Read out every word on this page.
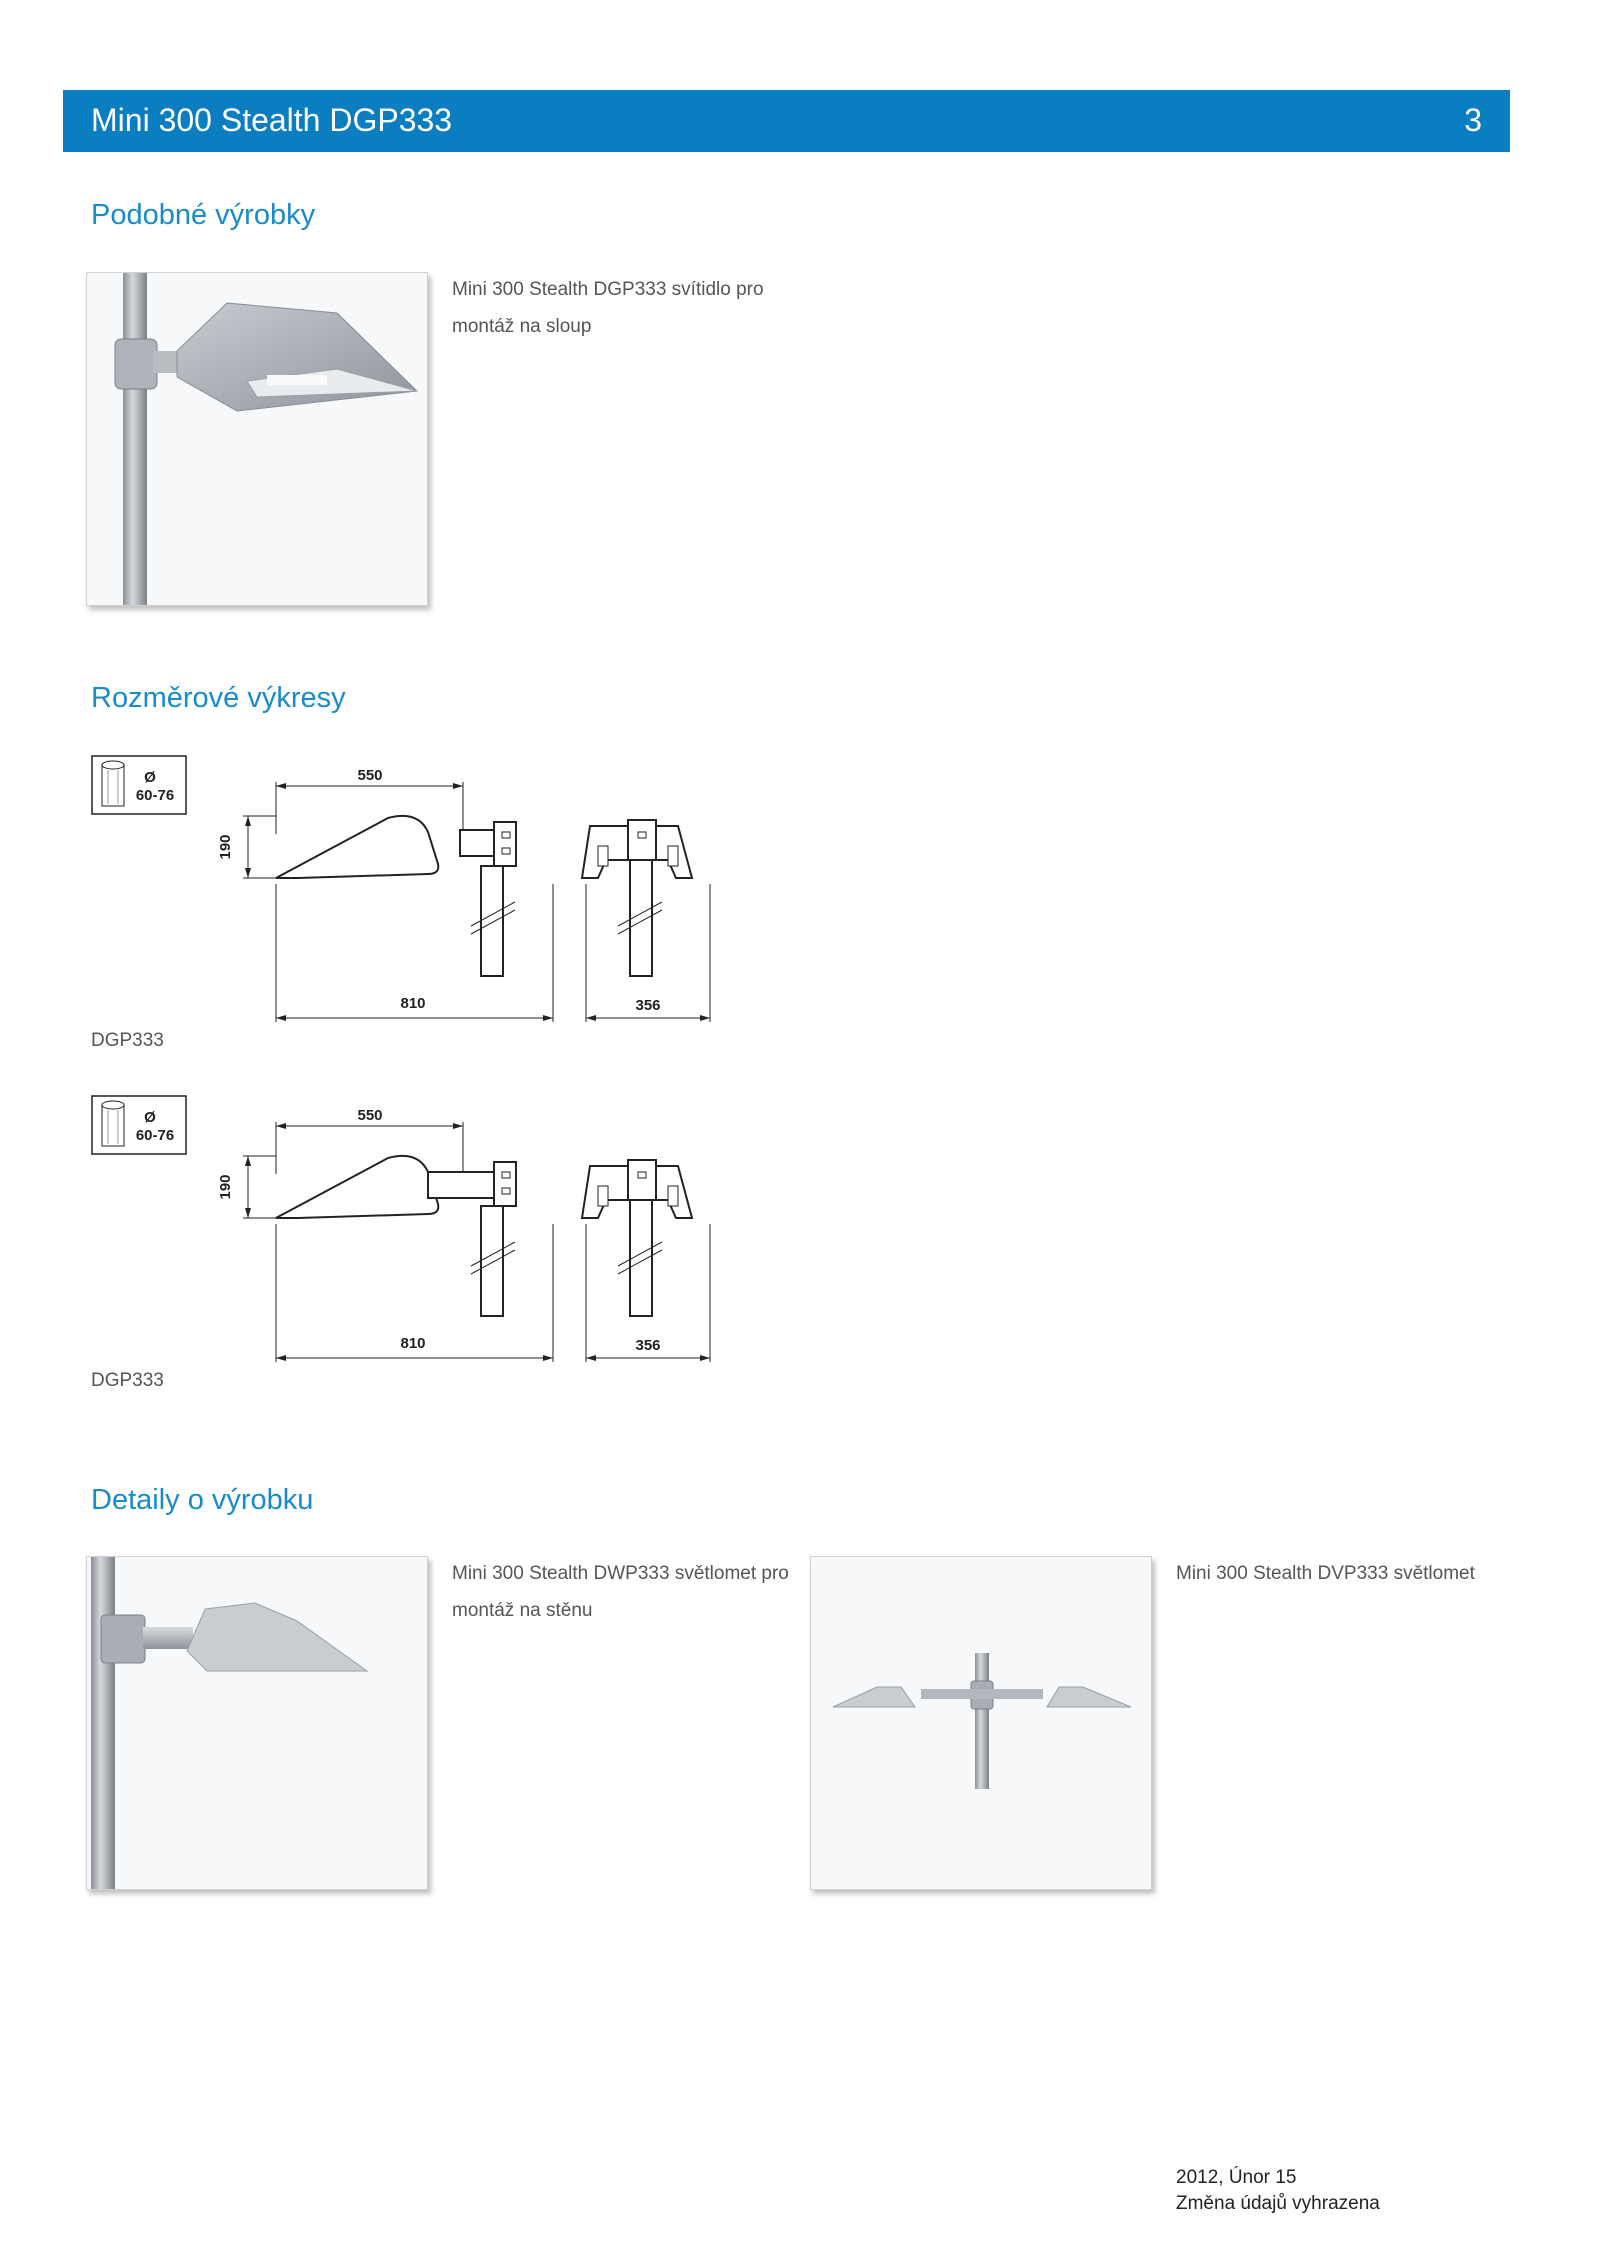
Mini 300 Stealth DGP333	3
Podobné výrobky
Mini 300 Stealth DGP333 svítidlo pro
montáž na sloup
Rozměrové výkresy
Ø
60-76
550
190
810	356
DGP333
Ø
60-76
550
190
810	356
DGP333
Detaily o výrobku
Mini 300 Stealth DWP333 světlomet pro
montáž na stěnu
Mini 300 Stealth DVP333 světlomet
2012, Únor 15
Změna údajů vyhrazena
